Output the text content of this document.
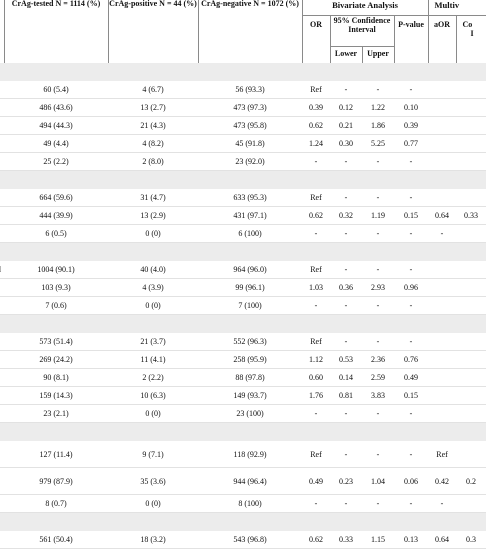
	CrAg-tested N = 1114 (%)	CrAg-positive N = 44 (%)	CrAg-negative N = 1072 (%)	Bivariate Analysis				Multiv	
				OR	95% Confidence Interval		P-value	aOR	Co
I
					Lower	Upper			

	60 (5.4)	4 (6.7)	56 (93.3)	Ref	-	-	-		
	486 (43.6)	13 (2.7)	473 (97.3)	0.39	0.12	1.22	0.10		
	494 (44.3)	21 (4.3)	473 (95.8)	0.62	0.21	1.86	0.39		
	49 (4.4)	4 (8.2)	45 (91.8)	1.24	0.30	5.25	0.77		
	25 (2.2)	2 (8.0)	23 (92.0)	-	-	-	-		

	664 (59.6)	31 (4.7)	633 (95.3)	Ref	-	-	-		
	444 (39.9)	13 (2.9)	431 (97.1)	0.62	0.32	1.19	0.15	0.64	0.33
	6 (0.5)	0 (0)	6 (100)	-	-	-	-	-	

	1004 (90.1)	40 (4.0)	964 (96.0)	Ref	-	-	-		
	103 (9.3)	4 (3.9)	99 (96.1)	1.03	0.36	2.93	0.96		
	7 (0.6)	0 (0)	7 (100)	-	-	-	-		

	573 (51.4)	21 (3.7)	552 (96.3)	Ref	-	-	-		
	269 (24.2)	11 (4.1)	258 (95.9)	1.12	0.53	2.36	0.76		
	90 (8.1)	2 (2.2)	88 (97.8)	0.60	0.14	2.59	0.49		
	159 (14.3)	10 (6.3)	149 (93.7)	1.76	0.81	3.83	0.15		
	23 (2.1)	0 (0)	23 (100)	-	-	-	-		

	127 (11.4)	9 (7.1)	118 (92.9)	Ref	-	-	-	Ref	
	979 (87.9)	35 (3.6)	944 (96.4)	0.49	0.23	1.04	0.06	0.42	0.2
	8 (0.7)	0 (0)	8 (100)	-	-	-	-	-	

	561 (50.4)	18 (3.2)	543 (96.8)	0.62	0.33	1.15	0.13	0.64	0.3
